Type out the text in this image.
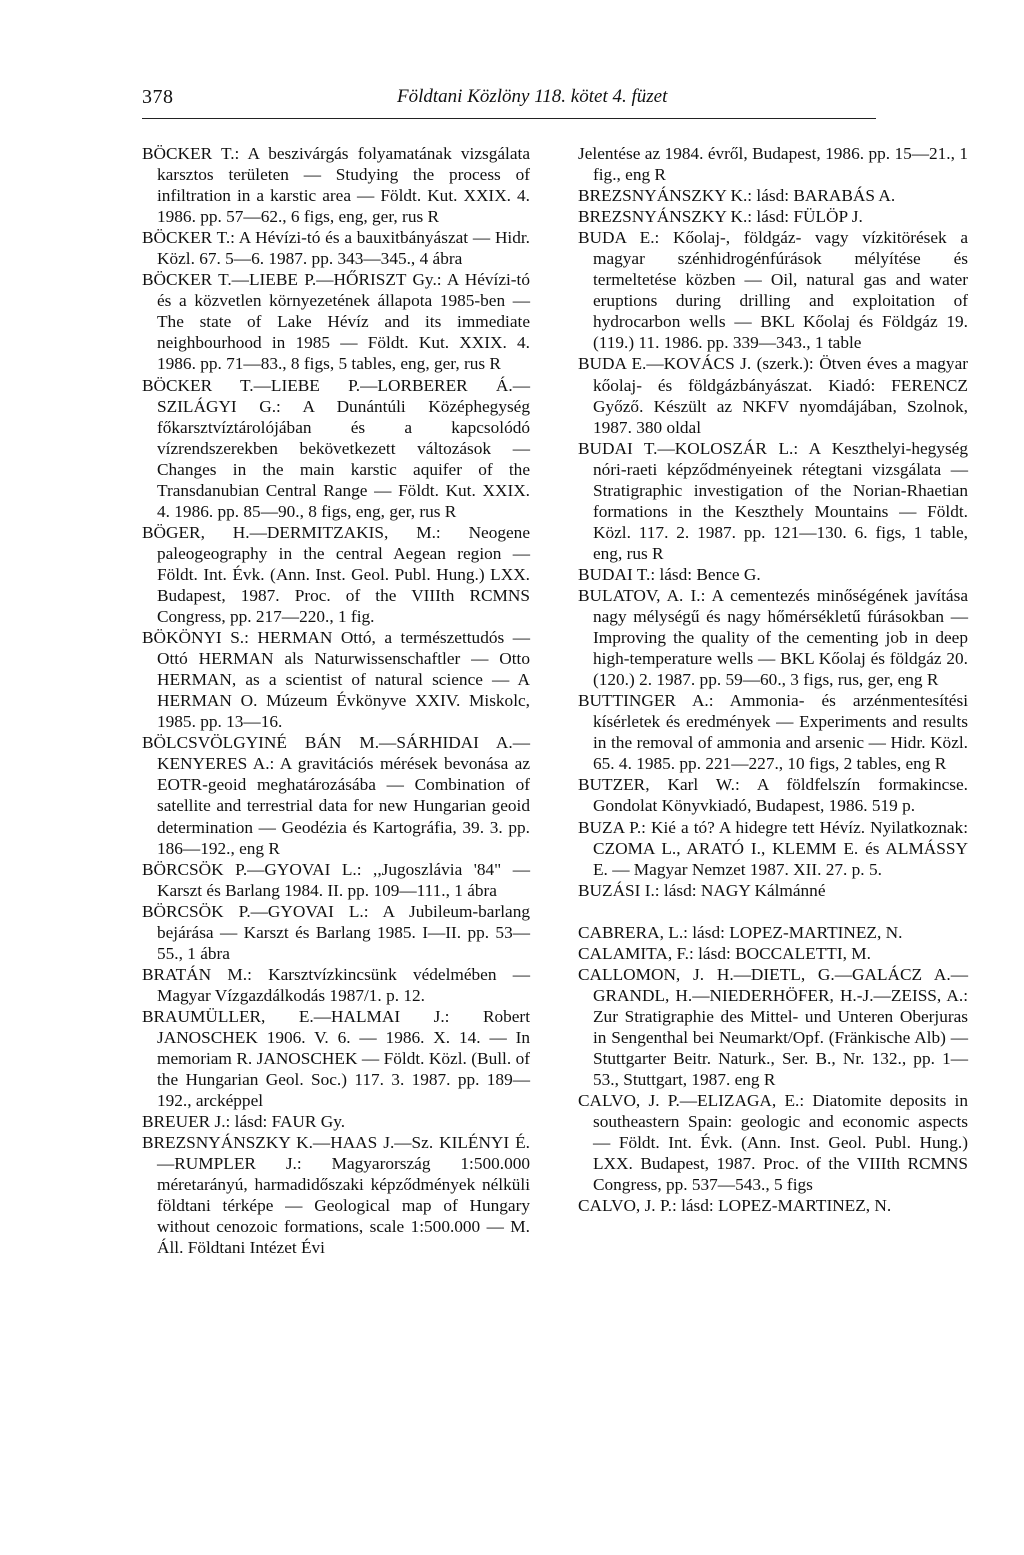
378	Földtani Közlöny 118. kötet 4. füzet

BÖCKER T.: A beszivárgás folyamatának vizsgálata karsztos területen — Studying the process of infiltration in a karstic area — Földt. Kut. XXIX. 4. 1986. pp. 57—62., 6 figs, eng, ger, rus R

BÖCKER T.: A Hévízi-tó és a bauxitbányászat — Hidr. Közl. 67. 5—6. 1987. pp. 343—345., 4 ábra

BÖCKER T.—LIEBE P.—HŐRISZT Gy.: A Hévízi-tó és a közvetlen környezetének állapota 1985-ben — The state of Lake Hévíz and its immediate neighbourhood in 1985 — Földt. Kut. XXIX. 4. 1986. pp. 71—83., 8 figs, 5 tables, eng, ger, rus R

BÖCKER T.—LIEBE P.—LORBERER Á.—SZILÁGYI G.: A Dunántúli Középhegység főkarsztvíztárolójában és a kapcsolódó vízrendszerekben bekövetkezett változások — Changes in the main karstic aquifer of the Transdanubian Central Range — Földt. Kut. XXIX. 4. 1986. pp. 85—90., 8 figs, eng, ger, rus R

BÖGER, H.—DERMITZAKIS, M.: Neogene paleogeography in the central Aegean region — Földt. Int. Évk. (Ann. Inst. Geol. Publ. Hung.) LXX. Budapest, 1987. Proc. of the VIIIth RCMNS Congress, pp. 217—220., 1 fig.

BÖKÖNYI S.: HERMAN Ottó, a természettudós — Ottó HERMAN als Naturwissenschaftler — Otto HERMAN, as a scientist of natural science — A HERMAN O. Múzeum Évkönyve XXIV. Miskolc, 1985. pp. 13—16.

BÖLCSVÖLGYINÉ BÁN M.—SÁRHIDAI A.—KENYERES A.: A gravitációs mérések bevonása az EOTR-geoid meghatározásába — Combination of satellite and terrestrial data for new Hungarian geoid determination — Geodézia és Kartográfia, 39. 3. pp. 186—192., eng R

BÖRCSÖK P.—GYOVAI L.: ,,Jugoszlávia '84" — Karszt és Barlang 1984. II. pp. 109—111., 1 ábra

BÖRCSÖK P.—GYOVAI L.: A Jubileum-barlang bejárása — Karszt és Barlang 1985. I—II. pp. 53—55., 1 ábra

BRATÁN M.: Karsztvízkincsünk védelmében — Magyar Vízgazdálkodás 1987/1. p. 12.

BRAUMÜLLER, E.—HALMAI J.: Robert JANOSCHEK 1906. V. 6. — 1986. X. 14. — In memoriam R. JANOSCHEK — Földt. Közl. (Bull. of the Hungarian Geol. Soc.) 117. 3. 1987. pp. 189—192., arcképpel

BREUER J.: lásd: FAUR Gy.

BREZSNYÁNSZKY K.—HAAS J.—Sz. KILÉNYI É.—RUMPLER J.: Magyarország 1:500.000 méretarányú, harmadidőszaki képződmények nélküli földtani térképe — Geological map of Hungary without cenozoic formations, scale 1:500.000 — M. Áll. Földtani Intézet Évi

Jelentése az 1984. évről, Budapest, 1986. pp. 15—21., 1 fig., eng R

BREZSNYÁNSZKY K.: lásd: BARABÁS A.

BREZSNYÁNSZKY K.: lásd: FÜLÖP J.

BUDA E.: Kőolaj-, földgáz- vagy vízkitörések a magyar szénhidrogénfúrások mélyítése és termeltetése közben — Oil, natural gas and water eruptions during drilling and exploitation of hydrocarbon wells — BKL Kőolaj és Földgáz 19.(119.) 11. 1986. pp. 339—343., 1 table

BUDA E.—KOVÁCS J. (szerk.): Ötven éves a magyar kőolaj- és földgázbányászat. Kiadó: FERENCZ Győző. Készült az NKFV nyomdájában, Szolnok, 1987. 380 oldal

BUDAI T.—KOLOSZÁR L.: A Keszthelyi-hegység nóri-raeti képződményeinek rétegtani vizsgálata — Stratigraphic investigation of the Norian-Rhaetian formations in the Keszthely Mountains — Földt. Közl. 117. 2. 1987. pp. 121—130. 6. figs, 1 table, eng, rus R

BUDAI T.: lásd: Bence G.

BULATOV, A. I.: A cementezés minőségének javítása nagy mélységű és nagy hőmérsékletű fúrásokban — Improving the quality of the cementing job in deep high-temperature wells — BKL Kőolaj és földgáz 20. (120.) 2. 1987. pp. 59—60., 3 figs, rus, ger, eng R

BUTTINGER A.: Ammonia- és arzénmentesítési kísérletek és eredmények — Experiments and results in the removal of ammonia and arsenic — Hidr. Közl. 65. 4. 1985. pp. 221—227., 10 figs, 2 tables, eng R

BUTZER, Karl W.: A földfelszín formakincse. Gondolat Könyvkiadó, Budapest, 1986. 519 p.

BUZA P.: Kié a tó? A hidegre tett Hévíz. Nyilatkoznak: CZOMA L., ARATÓ I., KLEMM E. és ALMÁSSY E. — Magyar Nemzet 1987. XII. 27. p. 5.

BUZÁSI I.: lásd: NAGY Kálmánné

CABRERA, L.: lásd: LOPEZ-MARTINEZ, N.

CALAMITA, F.: lásd: BOCCALETTI, M.

CALLOMON, J. H.—DIETL, G.—GALÁCZ A.—GRANDL, H.—NIEDERHÖFER, H.-J.—ZEISS, A.: Zur Stratigraphie des Mittel- und Unteren Oberjuras in Sengenthal bei Neumarkt/Opf. (Fränkische Alb) — Stuttgarter Beitr. Naturk., Ser. B., Nr. 132., pp. 1—53., Stuttgart, 1987. eng R

CALVO, J. P.—ELIZAGA, E.: Diatomite deposits in southeastern Spain: geologic and economic aspects — Földt. Int. Évk. (Ann. Inst. Geol. Publ. Hung.) LXX. Budapest, 1987. Proc. of the VIIIth RCMNS Congress, pp. 537—543., 5 figs

CALVO, J. P.: lásd: LOPEZ-MARTINEZ, N.
